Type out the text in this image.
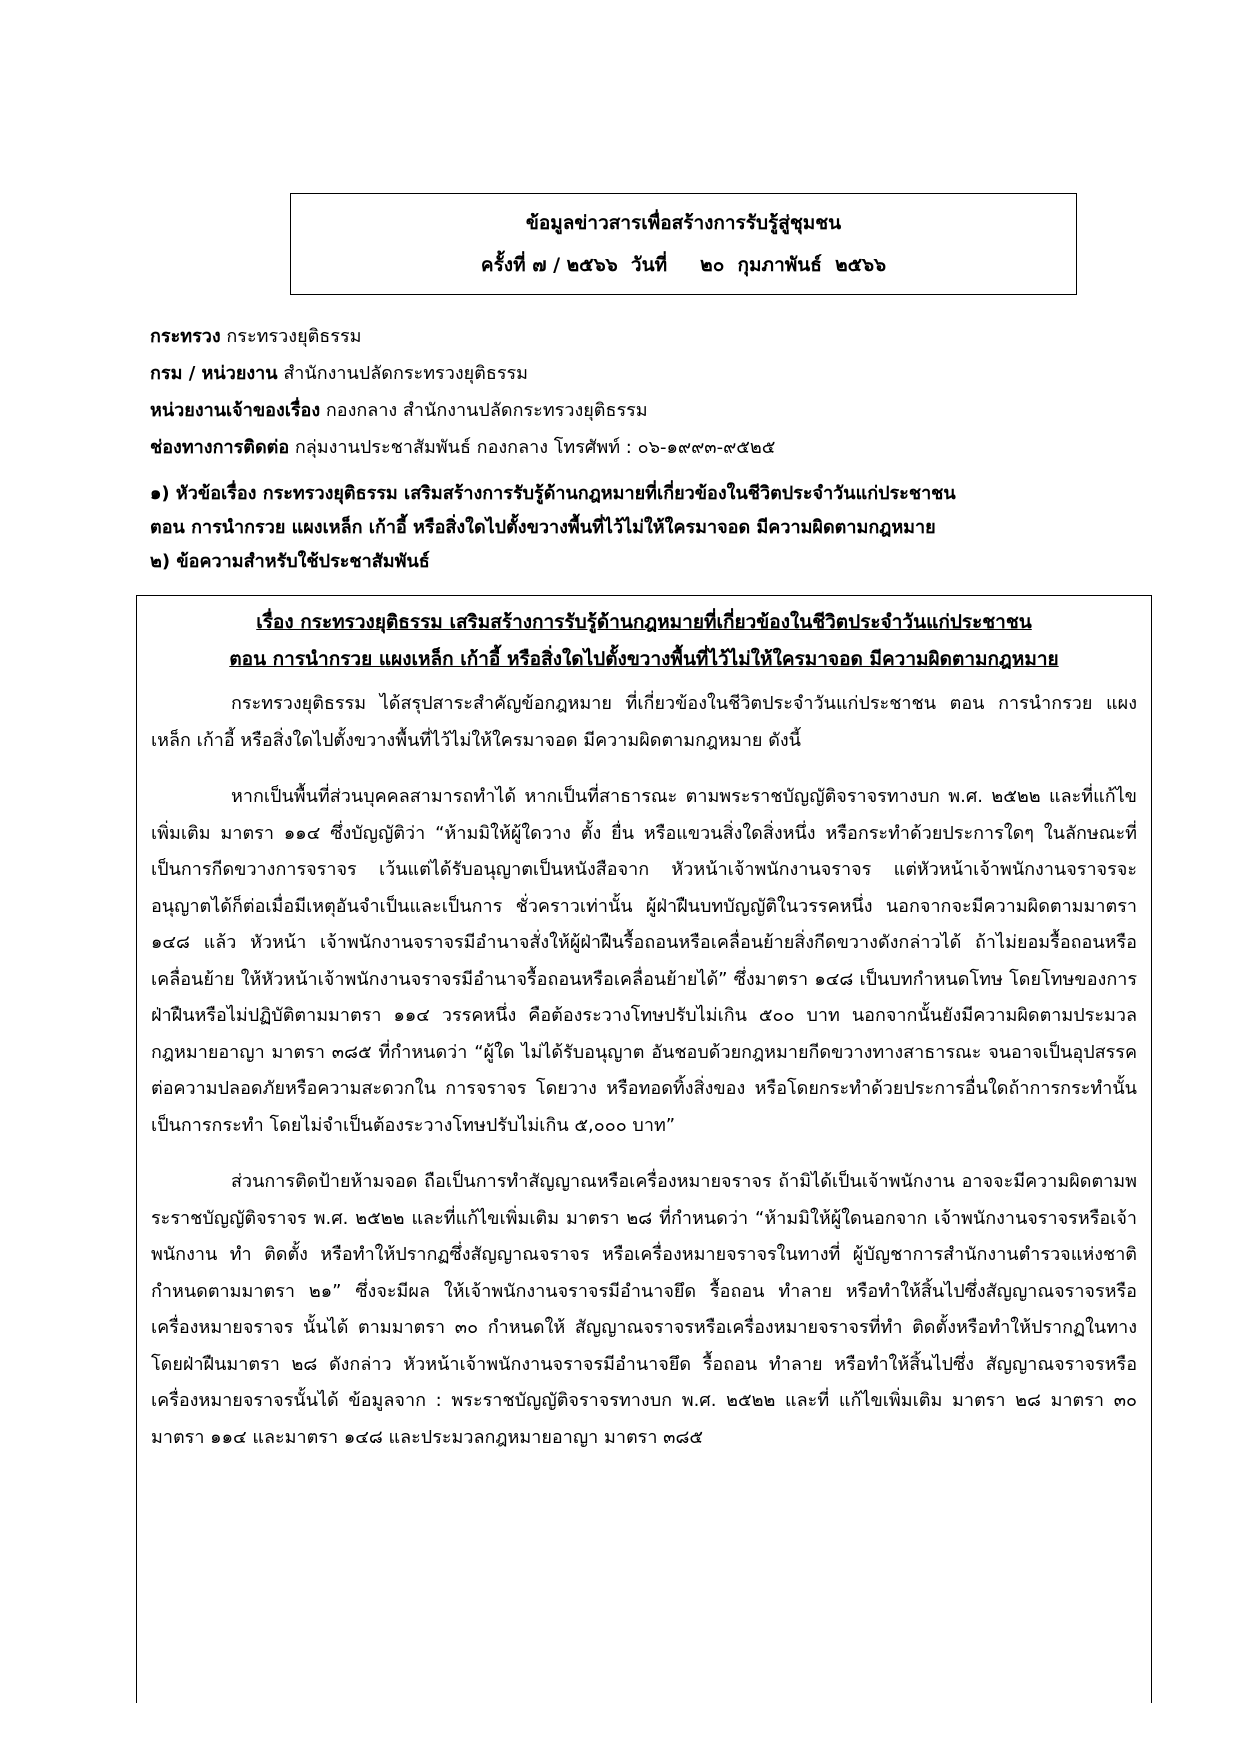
ข้อมูลข่าวสารเพื่อสร้างการรับรู้สู่ชุมชน
ครั้งที่ ๗ / ๒๕๖๖  วันที่     ๒๐  กุมภาพันธ์  ๒๕๖๖
กระทรวง กระทรวงยุติธรรม
กรม / หน่วยงาน สำนักงานปลัดกระทรวงยุติธรรม
หน่วยงานเจ้าของเรื่อง กองกลาง สำนักงานปลัดกระทรวงยุติธรรม
ช่องทางการติดต่อ กลุ่มงานประชาสัมพันธ์ กองกลาง โทรศัพท์ : ๐๖-๑๙๙๓-๙๕๒๕
๑) หัวข้อเรื่อง กระทรวงยุติธรรม เสริมสร้างการรับรู้ด้านกฎหมายที่เกี่ยวข้องในชีวิตประจำวันแก่ประชาชน
ตอน การนำกรวย แผงเหล็ก เก้าอี้ หรือสิ่งใดไปตั้งขวางพื้นที่ไว้ไม่ให้ใครมาจอด มีความผิดตามกฎหมาย
๒) ข้อความสำหรับใช้ประชาสัมพันธ์
เรื่อง กระทรวงยุติธรรม เสริมสร้างการรับรู้ด้านกฎหมายที่เกี่ยวข้องในชีวิตประจำวันแก่ประชาชน
ตอน การนำกรวย แผงเหล็ก เก้าอี้ หรือสิ่งใดไปตั้งขวางพื้นที่ไว้ไม่ให้ใครมาจอด มีความผิดตามกฎหมาย

กระทรวงยุติธรรม ได้สรุปสาระสำคัญข้อกฎหมาย ที่เกี่ยวข้องในชีวิตประจำวันแก่ประชาชน ตอน การนำกรวย แผงเหล็ก เก้าอี้ หรือสิ่งใดไปตั้งขวางพื้นที่ไว้ไม่ให้ใครมาจอด มีความผิดตามกฎหมาย ดังนี้

หากเป็นพื้นที่ส่วนบุคคลสามารถทำได้ หากเป็นที่สาธารณะ ตามพระราชบัญญัติจราจรทางบก พ.ศ. ๒๕๒๒ และที่แก้ไขเพิ่มเติม มาตรา ๑๑๔ ซึ่งบัญญัติว่า “ห้ามมิให้ผู้ใดวาง ตั้ง ยื่น หรือแขวนสิ่งใดสิ่งหนึ่ง หรือกระทำด้วยประการใดๆ ในลักษณะที่เป็นการกีดขวางการจราจร เว้นแต่ได้รับอนุญาตเป็นหนังสือจาก หัวหน้าเจ้าพนักงานจราจร แต่หัวหน้าเจ้าพนักงานจราจรจะอนุญาตได้ก็ต่อเมื่อมีเหตุอันจำเป็นและเป็นการ ชั่วคราวเท่านั้น ผู้ฝ่าฝืนบทบัญญัติในวรรคหนึ่ง นอกจากจะมีความผิดตามมาตรา ๑๔๘ แล้ว หัวหน้า เจ้าพนักงานจราจรมีอำนาจสั่งให้ผู้ฝ่าฝืนรื้อถอนหรือเคลื่อนย้ายสิ่งกีดขวางดังกล่าวได้ ถ้าไม่ยอมรื้อถอนหรือ เคลื่อนย้าย ให้หัวหน้าเจ้าพนักงานจราจรมีอำนาจรื้อถอนหรือเคลื่อนย้ายได้” ซึ่งมาตรา ๑๔๘ เป็นบทกำหนดโทษ โดยโทษของการฝ่าฝืนหรือไม่ปฏิบัติตามมาตรา ๑๑๔ วรรคหนึ่ง คือต้องระวางโทษปรับไม่เกิน ๕๐๐ บาท นอกจากนั้นยังมีความผิดตามประมวลกฎหมายอาญา มาตรา ๓๘๕ ที่กำหนดว่า “ผู้ใด ไม่ได้รับอนุญาต อันชอบด้วยกฎหมายกีดขวางทางสาธารณะ จนอาจเป็นอุปสรรคต่อความปลอดภัยหรือความสะดวกใน การจราจร โดยวาง หรือทอดทิ้งสิ่งของ หรือโดยกระทำด้วยประการอื่นใดถ้าการกระทำนั้นเป็นการกระทำ โดยไม่จำเป็นต้องระวางโทษปรับไม่เกิน ๕,๐๐๐ บาท”

ส่วนการติดป้ายห้ามจอด ถือเป็นการทำสัญญาณหรือเครื่องหมายจราจร ถ้ามิได้เป็นเจ้าพนักงาน อาจจะมีความผิดตามพระราชบัญญัติจราจร พ.ศ. ๒๕๒๒ และที่แก้ไขเพิ่มเติม มาตรา ๒๘ ที่กำหนดว่า “ห้ามมิให้ผู้ใดนอกจาก เจ้าพนักงานจราจรหรือเจ้าพนักงาน ทำ ติดตั้ง หรือทำให้ปรากฏซึ่งสัญญาณจราจร หรือเครื่องหมายจราจรในทางที่ ผู้บัญชาการสำนักงานตำรวจแห่งชาติกำหนดตามมาตรา ๒๑” ซึ่งจะมีผล ให้เจ้าพนักงานจราจรมีอำนาจยึด รื้อถอน ทำลาย หรือทำให้สิ้นไปซึ่งสัญญาณจราจรหรือเครื่องหมายจราจร นั้นได้ ตามมาตรา ๓๐ กำหนดให้ สัญญาณจราจรหรือเครื่องหมายจราจรที่ทำ ติดตั้งหรือทำให้ปรากฏในทาง โดยฝ่าฝืนมาตรา ๒๘ ดังกล่าว หัวหน้าเจ้าพนักงานจราจรมีอำนาจยึด รื้อถอน ทำลาย หรือทำให้สิ้นไปซึ่ง สัญญาณจราจรหรือเครื่องหมายจราจรนั้นได้ ข้อมูลจาก : พระราชบัญญัติจราจรทางบก พ.ศ. ๒๕๒๒ และที่ แก้ไขเพิ่มเติม มาตรา ๒๘ มาตรา ๓๐ มาตรา ๑๑๔ และมาตรา ๑๔๘ และประมวลกฎหมายอาญา มาตรา ๓๘๕
